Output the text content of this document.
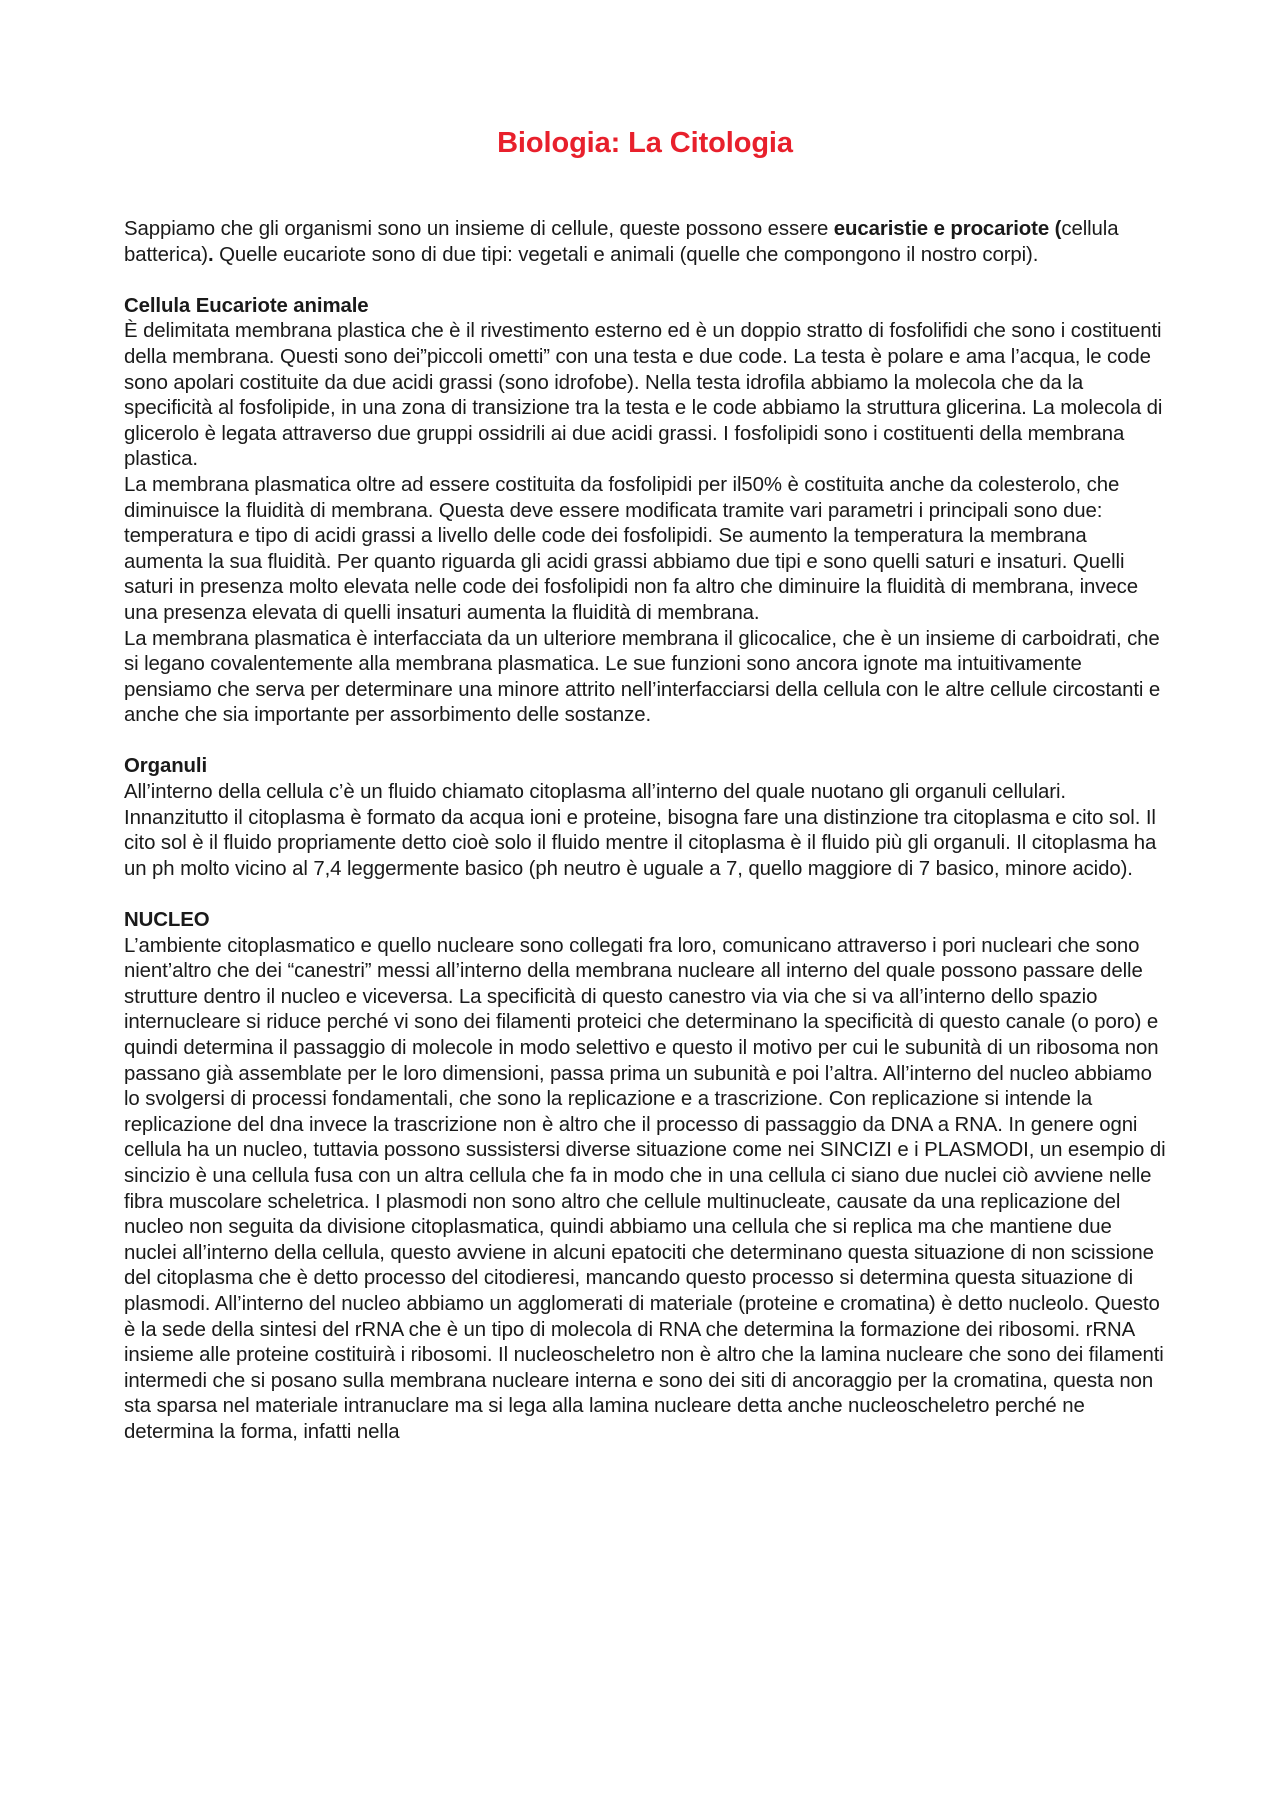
Biologia: La Citologia

Sappiamo che gli organismi sono un insieme di cellule, queste possono essere eucaristie e procariote (cellula batterica). Quelle eucariote sono di due tipi: vegetali e animali (quelle che compongono il nostro corpi).

Cellula Eucariote animale

È delimitata membrana plastica che è il rivestimento esterno ed è un doppio stratto di fosfolifidi che sono i costituenti della membrana. Questi sono dei”piccoli ometti” con una testa e due code. La testa è polare e ama l’acqua, le code sono apolari costituite da due acidi grassi (sono idrofobe). Nella testa idrofila abbiamo la molecola che da la specificità al fosfolipide, in una zona di transizione tra la testa e le code abbiamo la struttura glicerina. La molecola di glicerolo è legata attraverso due gruppi ossidrili ai due acidi grassi. I fosfolipidi sono i costituenti della membrana plastica.

La membrana plasmatica oltre ad essere costituita da fosfolipidi per il50% è costituita anche da colesterolo, che diminuisce la fluidità di membrana. Questa deve essere modificata tramite vari parametri i principali sono due: temperatura e tipo di acidi grassi a livello delle code dei fosfolipidi. Se aumento la temperatura la membrana aumenta la sua fluidità. Per quanto riguarda gli acidi grassi abbiamo due tipi e sono quelli saturi e insaturi. Quelli saturi in presenza molto elevata nelle code dei fosfolipidi non fa altro che diminuire la fluidità di membrana, invece una presenza elevata di quelli insaturi aumenta la fluidità di membrana.

La membrana plasmatica è interfacciata da un ulteriore membrana il glicocalice, che è un insieme di carboidrati, che si legano covalentemente alla membrana plasmatica. Le sue funzioni sono ancora ignote ma intuitivamente pensiamo che serva per determinare una minore attrito nell’interfacciarsi della cellula con le altre cellule circostanti e anche che sia importante per assorbimento delle sostanze.

Organuli

All’interno della cellula c’è un fluido chiamato citoplasma all’interno del quale nuotano gli organuli cellulari. Innanzitutto il citoplasma è formato da acqua ioni e proteine, bisogna fare una distinzione tra citoplasma e cito sol. Il cito sol è il fluido propriamente detto cioè solo il fluido mentre il citoplasma è il fluido più gli organuli. Il citoplasma ha un ph molto vicino al 7,4 leggermente basico (ph neutro è uguale a 7, quello maggiore di 7 basico, minore acido).

NUCLEO

L’ambiente citoplasmatico e quello nucleare sono collegati fra loro, comunicano attraverso i pori nucleari che sono nient’altro che dei “canestri” messi all’interno della membrana nucleare all interno del quale possono passare delle strutture dentro il nucleo e viceversa. La specificità di questo canestro via via che si va all’interno dello spazio internucleare si riduce perché vi sono dei filamenti proteici che determinano la specificità di questo canale (o poro) e quindi determina il passaggio di molecole in modo selettivo e questo il motivo per cui le subunità di un ribosoma non passano già assemblate per le loro dimensioni, passa prima un subunità e poi l’altra. All’interno del nucleo abbiamo lo svolgersi di processi fondamentali, che sono la replicazione e a trascrizione. Con replicazione si intende la replicazione del dna invece la trascrizione non è altro che il processo di passaggio da DNA a RNA. In genere ogni cellula ha un nucleo, tuttavia possono sussistersi diverse situazione come nei SINCIZI e i PLASMODI, un esempio di sincizio è una cellula fusa con un altra cellula che fa in modo che in una cellula ci siano due nuclei ciò avviene nelle fibra muscolare scheletrica. I plasmodi non sono altro che cellule multinucleate, causate da una replicazione del nucleo non seguita da divisione citoplasmatica, quindi abbiamo una cellula che si replica ma che mantiene due nuclei all’interno della cellula, questo avviene in alcuni epatociti che determinano questa situazione di non scissione del citoplasma che è detto processo del citodieresi, mancando questo processo si determina questa situazione di plasmodi. All’interno del nucleo abbiamo un agglomerati di materiale (proteine e cromatina) è detto nucleolo. Questo è la sede della sintesi del rRNA che è un tipo di molecola di RNA che determina la formazione dei ribosomi. rRNA insieme alle proteine costituirà i ribosomi. Il nucleoscheletro non è altro che la lamina nucleare che sono dei filamenti intermedi che si posano sulla membrana nucleare interna e sono dei siti di ancoraggio per la cromatina, questa non sta sparsa nel materiale intranuclare ma si lega alla lamina nucleare detta anche nucleoscheletro perché ne determina la forma, infatti nella
